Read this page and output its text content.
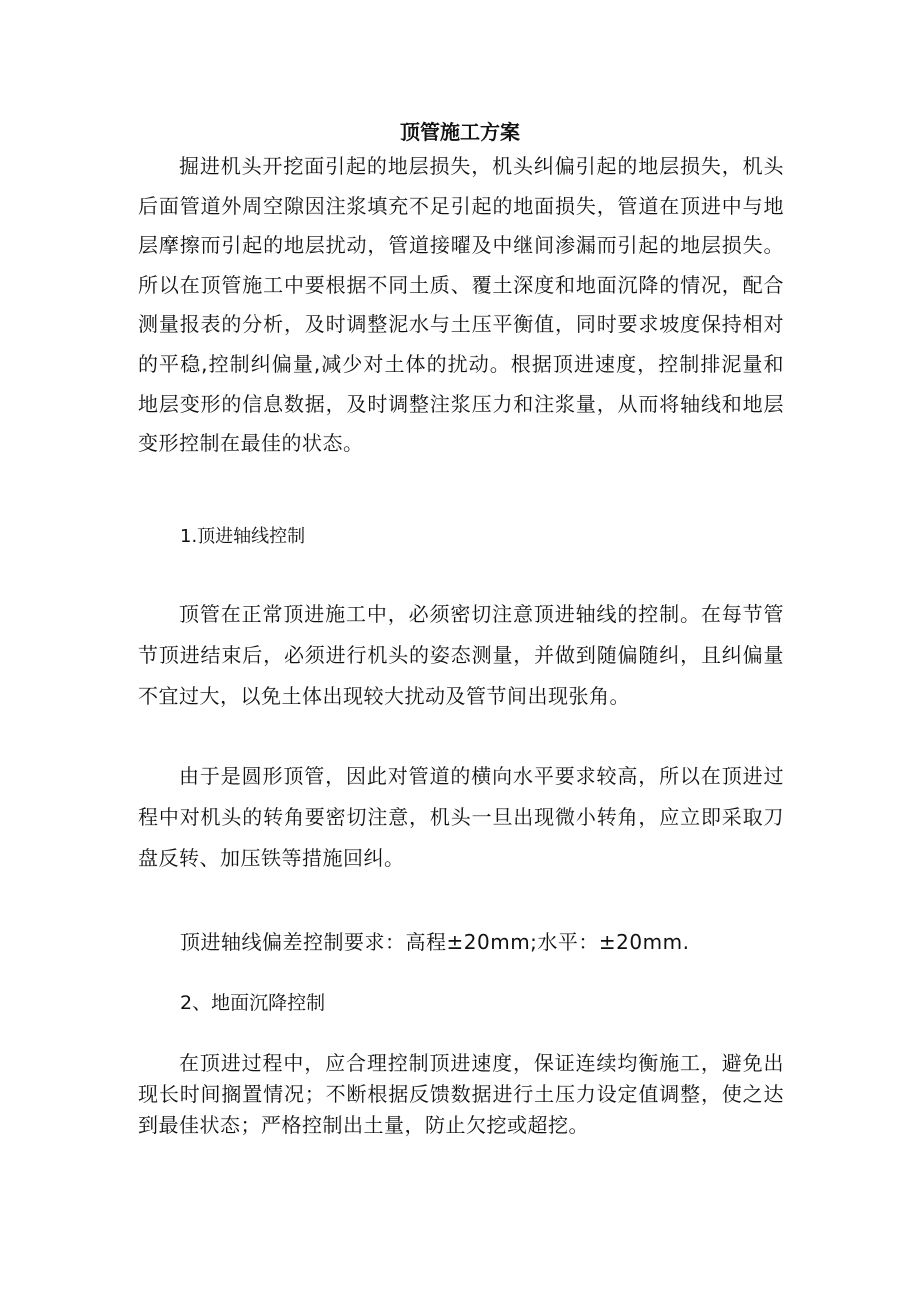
顶管施工方案

掘进机头开挖面引起的地层损失，机头纠偏引起的地层损失，机头后面管道外周空隙因注浆填充不足引起的地面损失，管道在顶进中与地层摩擦而引起的地层扰动，管道接曜及中继间渗漏而引起的地层损失。所以在顶管施工中要根据不同土质、覆土深度和地面沉降的情况，配合测量报表的分析，及时调整泥水与土压平衡值，同时要求坡度保持相对的平稳,控制纠偏量,减少对土体的扰动。根据顶进速度，控制排泥量和地层变形的信息数据，及时调整注浆压力和注浆量，从而将轴线和地层变形控制在最佳的状态。

1.顶进轴线控制

顶管在正常顶进施工中，必须密切注意顶进轴线的控制。在每节管节顶进结束后，必须进行机头的姿态测量，并做到随偏随纠，且纠偏量不宜过大，以免土体出现较大扰动及管节间出现张角。

由于是圆形顶管，因此对管道的横向水平要求较高，所以在顶进过程中对机头的转角要密切注意，机头一旦出现微小转角，应立即采取刀盘反转、加压铁等措施回纠。

顶进轴线偏差控制要求：高程±20mm;水平：±20mm.

2、地面沉降控制

在顶进过程中，应合理控制顶进速度，保证连续均衡施工，避免出现长时间搁置情况；不断根据反馈数据进行土压力设定值调整，使之达到最佳状态；严格控制出土量，防止欠挖或超挖。
